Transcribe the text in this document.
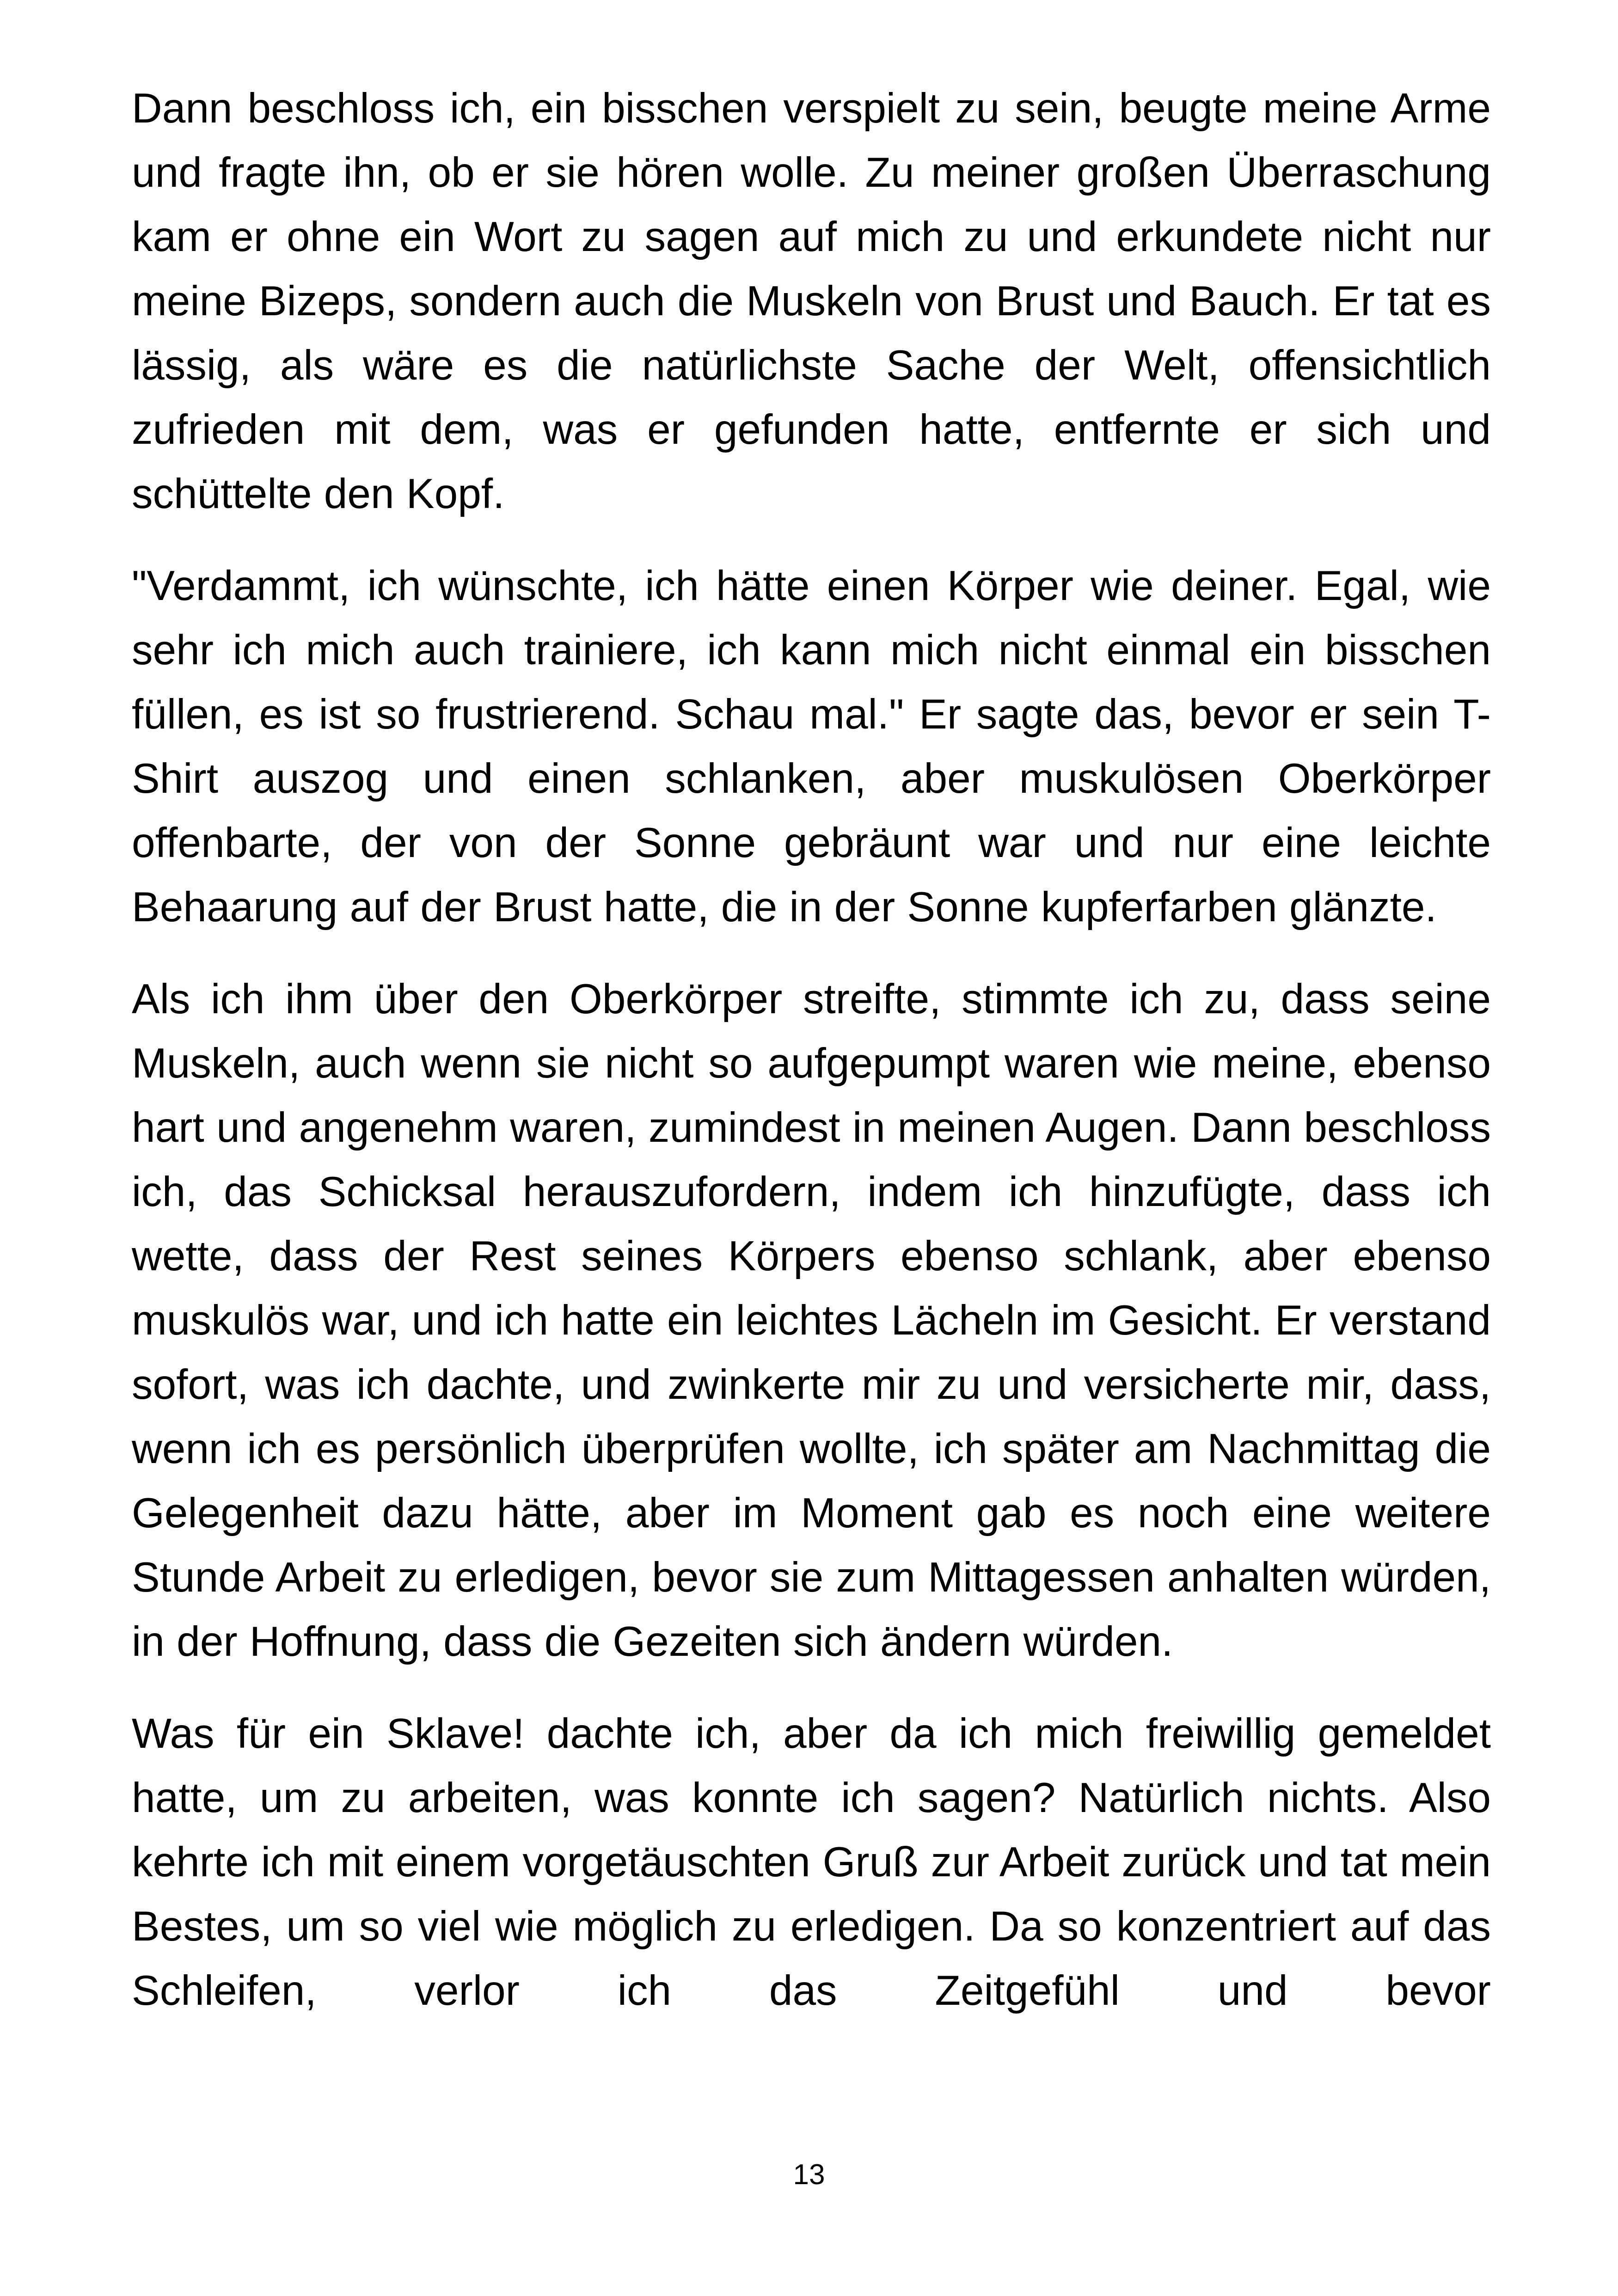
Dann beschloss ich, ein bisschen verspielt zu sein, beugte meine Arme und fragte ihn, ob er sie hören wolle. Zu meiner großen Überraschung kam er ohne ein Wort zu sagen auf mich zu und erkundete nicht nur meine Bizeps, sondern auch die Muskeln von Brust und Bauch. Er tat es lässig, als wäre es die natürlichste Sache der Welt, offensichtlich zufrieden mit dem, was er gefunden hatte, entfernte er sich und schüttelte den Kopf.

"Verdammt, ich wünschte, ich hätte einen Körper wie deiner. Egal, wie sehr ich mich auch trainiere, ich kann mich nicht einmal ein bisschen füllen, es ist so frustrierend. Schau mal." Er sagte das, bevor er sein T-Shirt auszog und einen schlanken, aber muskulösen Oberkörper offenbarte, der von der Sonne gebräunt war und nur eine leichte Behaarung auf der Brust hatte, die in der Sonne kupferfarben glänzte.

Als ich ihm über den Oberkörper streifte, stimmte ich zu, dass seine Muskeln, auch wenn sie nicht so aufgepumpt waren wie meine, ebenso hart und angenehm waren, zumindest in meinen Augen. Dann beschloss ich, das Schicksal herauszufordern, indem ich hinzufügte, dass ich wette, dass der Rest seines Körpers ebenso schlank, aber ebenso muskulös war, und ich hatte ein leichtes Lächeln im Gesicht. Er verstand sofort, was ich dachte, und zwinkerte mir zu und versicherte mir, dass, wenn ich es persönlich überprüfen wollte, ich später am Nachmittag die Gelegenheit dazu hätte, aber im Moment gab es noch eine weitere Stunde Arbeit zu erledigen, bevor sie zum Mittagessen anhalten würden, in der Hoffnung, dass die Gezeiten sich ändern würden.

Was für ein Sklave! dachte ich, aber da ich mich freiwillig gemeldet hatte, um zu arbeiten, was konnte ich sagen? Natürlich nichts. Also kehrte ich mit einem vorgetäuschten Gruß zur Arbeit zurück und tat mein Bestes, um so viel wie möglich zu erledigen. Da so konzentriert auf das Schleifen, verlor ich das Zeitgefühl und bevor

13
